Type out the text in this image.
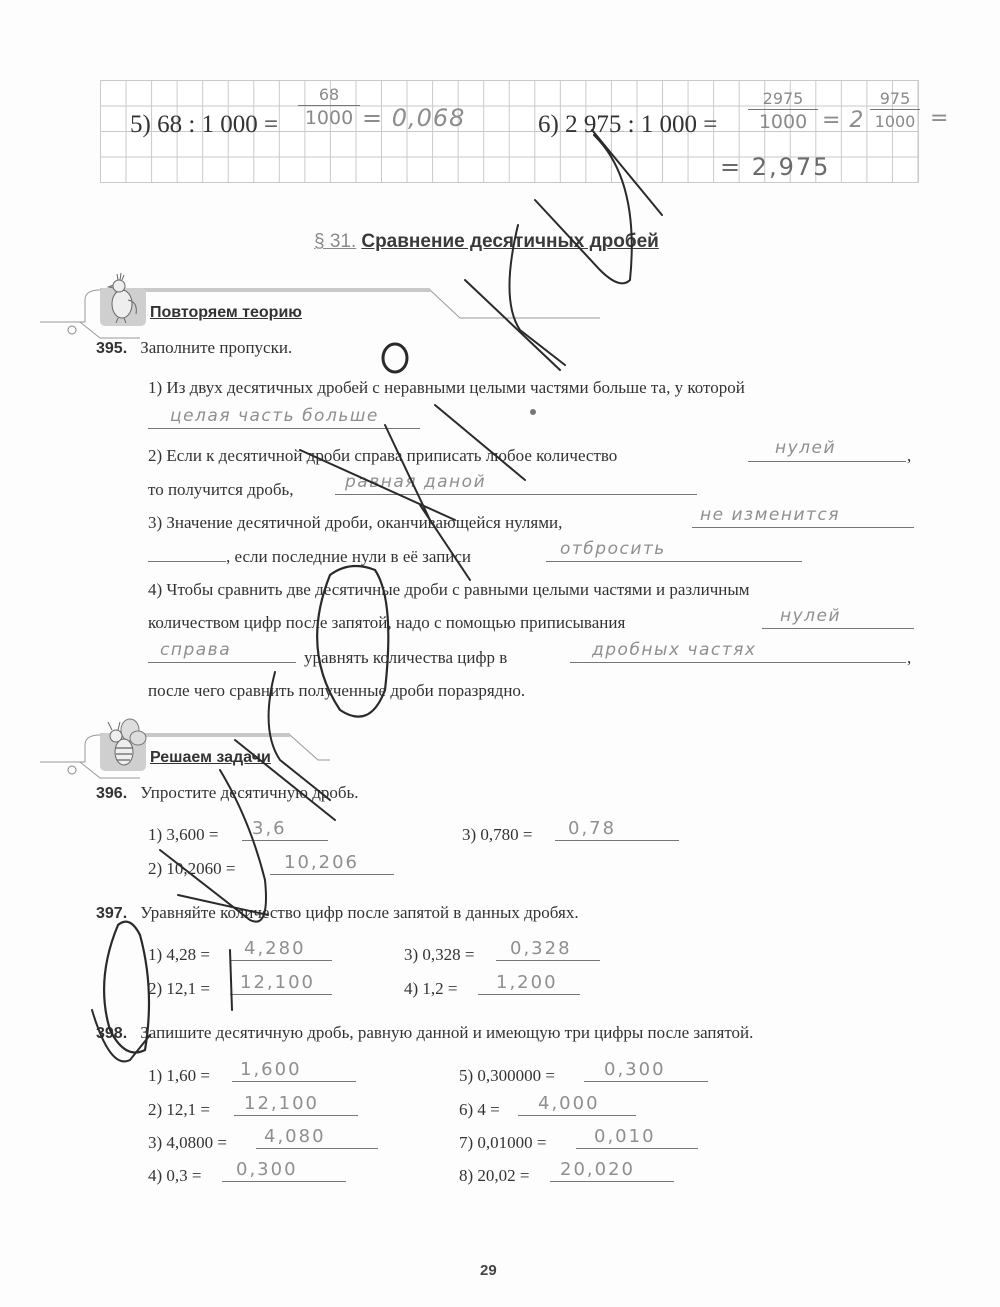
5) 68 : 1 000 =
68
1000 = 0,068	6) 2 975 : 1 000 =
2975
1000 = 2
975
1000 =
= 2,975
§ 31. Сравнение десятичных дробей
Повторяем теорию
395. Заполните пропуски.
1) Из двух десятичных дробей с неравными целыми частями больше та, у которой
целая часть больше
2) Если к десятичной дроби справа приписать любое количество	нулей	,
то получится дробь,	равная даной
3) Значение десятичной дроби, оканчивающейся нулями,	не изменится
, если последние нули в её записи	отбросить
4) Чтобы сравнить две десятичные дроби с равными целыми частями и различным
количеством цифр после запятой, надо с помощью приписывания	нулей
справа	уравнять количества цифр в	дробных частях	,
после чего сравнить полученные дроби поразрядно.
Решаем задачи
396. Упростите десятичную дробь.
1) 3,600 = 3,6
2) 10,2060 =	10,206
3) 0,780 = 0,78
397. Уравняйте количество цифр после запятой в данных дробях.
1) 4,28 = 4,280
2) 12,1 = 12,100
3) 0,328 = 0,328
4) 1,2 = 1,200
398. Запишите десятичную дробь, равную данной и имеющую три цифры после запятой.
1) 1,60 = 1,600
2) 12,1 = 12,100
3) 4,0800 = 4,080
4) 0,3 = 0,300
5) 0,300000 =	0,300
6) 4 = 4,000
7) 0,01000 =	0,010
8) 20,02 = 20,020
29
